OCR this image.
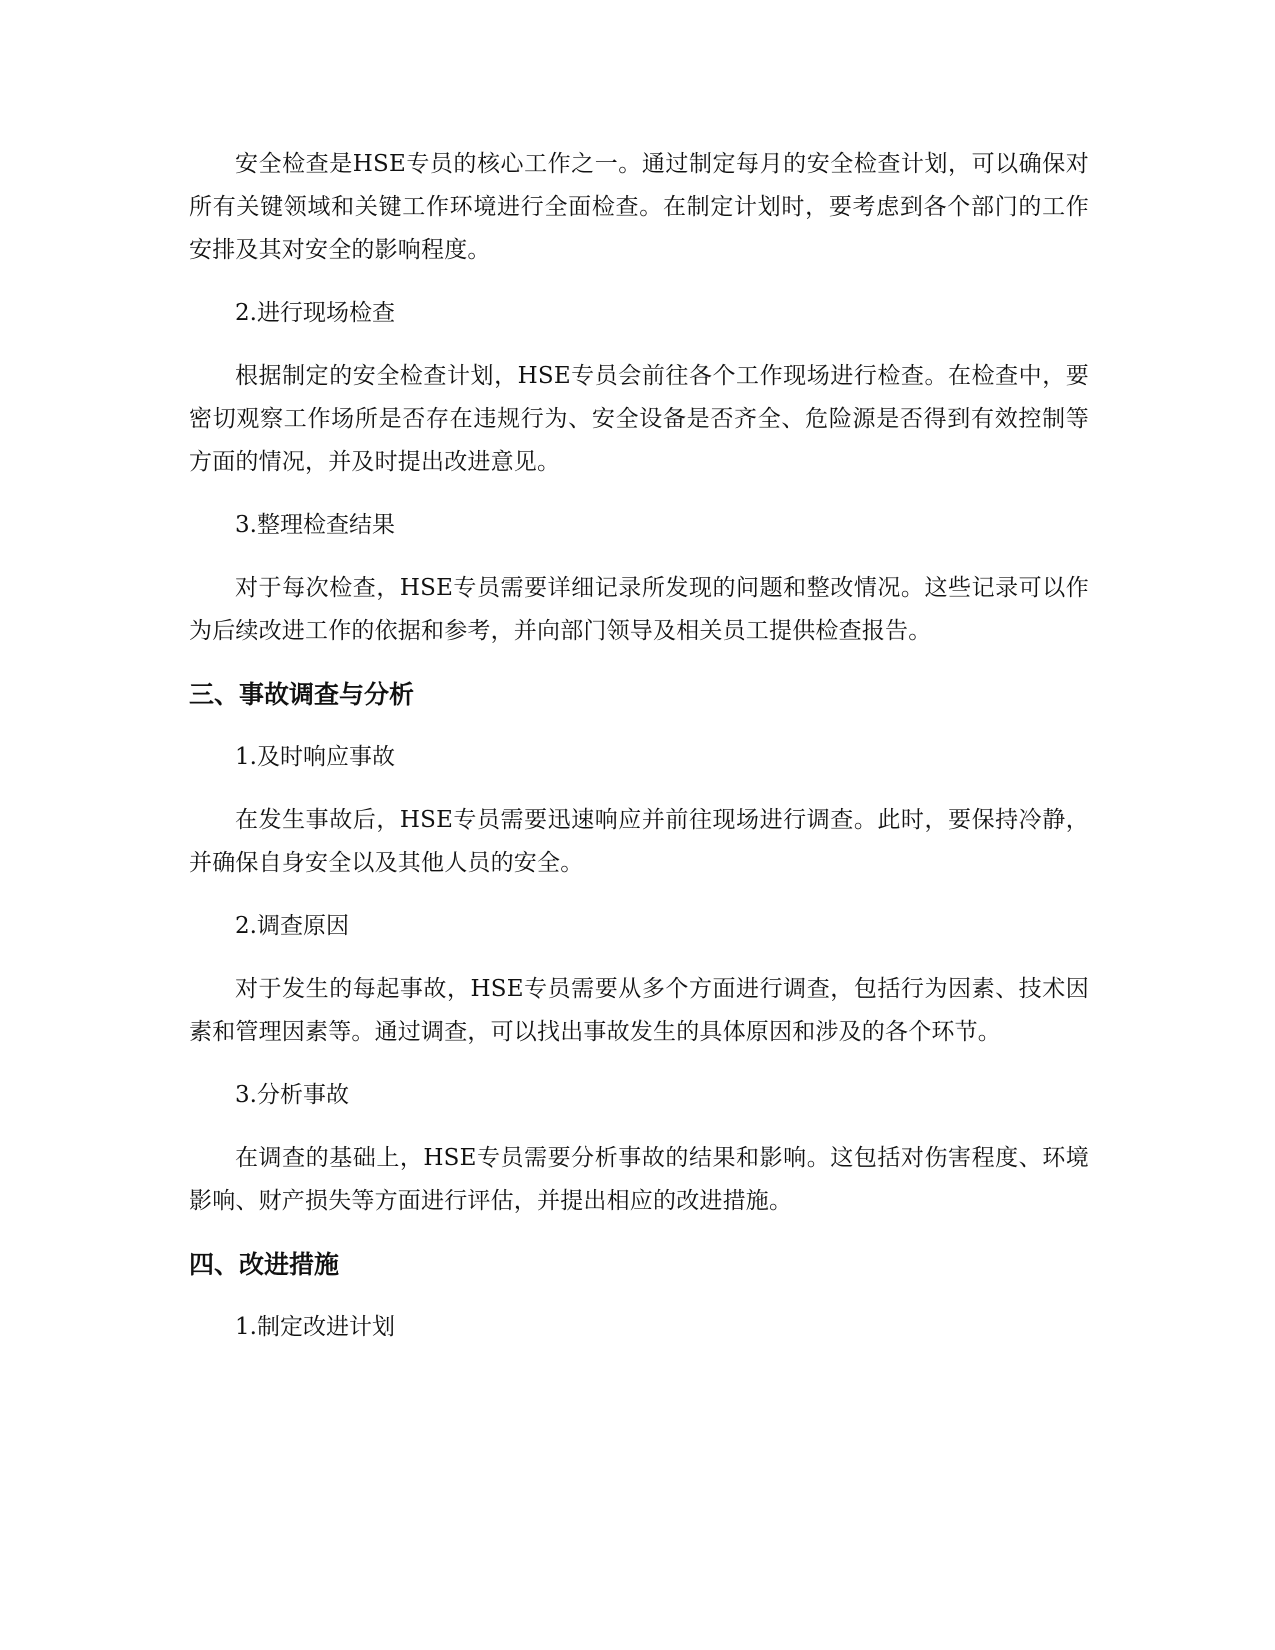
安全检查是HSE专员的核心工作之一。通过制定每月的安全检查计划，可以确保对所有关键领域和关键工作环境进行全面检查。在制定计划时，要考虑到各个部门的工作安排及其对安全的影响程度。

2.进行现场检查

根据制定的安全检查计划，HSE专员会前往各个工作现场进行检查。在检查中，要密切观察工作场所是否存在违规行为、安全设备是否齐全、危险源是否得到有效控制等方面的情况，并及时提出改进意见。

3.整理检查结果

对于每次检查，HSE专员需要详细记录所发现的问题和整改情况。这些记录可以作为后续改进工作的依据和参考，并向部门领导及相关员工提供检查报告。

三、事故调查与分析

1.及时响应事故

在发生事故后，HSE专员需要迅速响应并前往现场进行调查。此时，要保持冷静，并确保自身安全以及其他人员的安全。

2.调查原因

对于发生的每起事故，HSE专员需要从多个方面进行调查，包括行为因素、技术因素和管理因素等。通过调查，可以找出事故发生的具体原因和涉及的各个环节。

3.分析事故

在调查的基础上，HSE专员需要分析事故的结果和影响。这包括对伤害程度、环境影响、财产损失等方面进行评估，并提出相应的改进措施。

四、改进措施

1.制定改进计划
